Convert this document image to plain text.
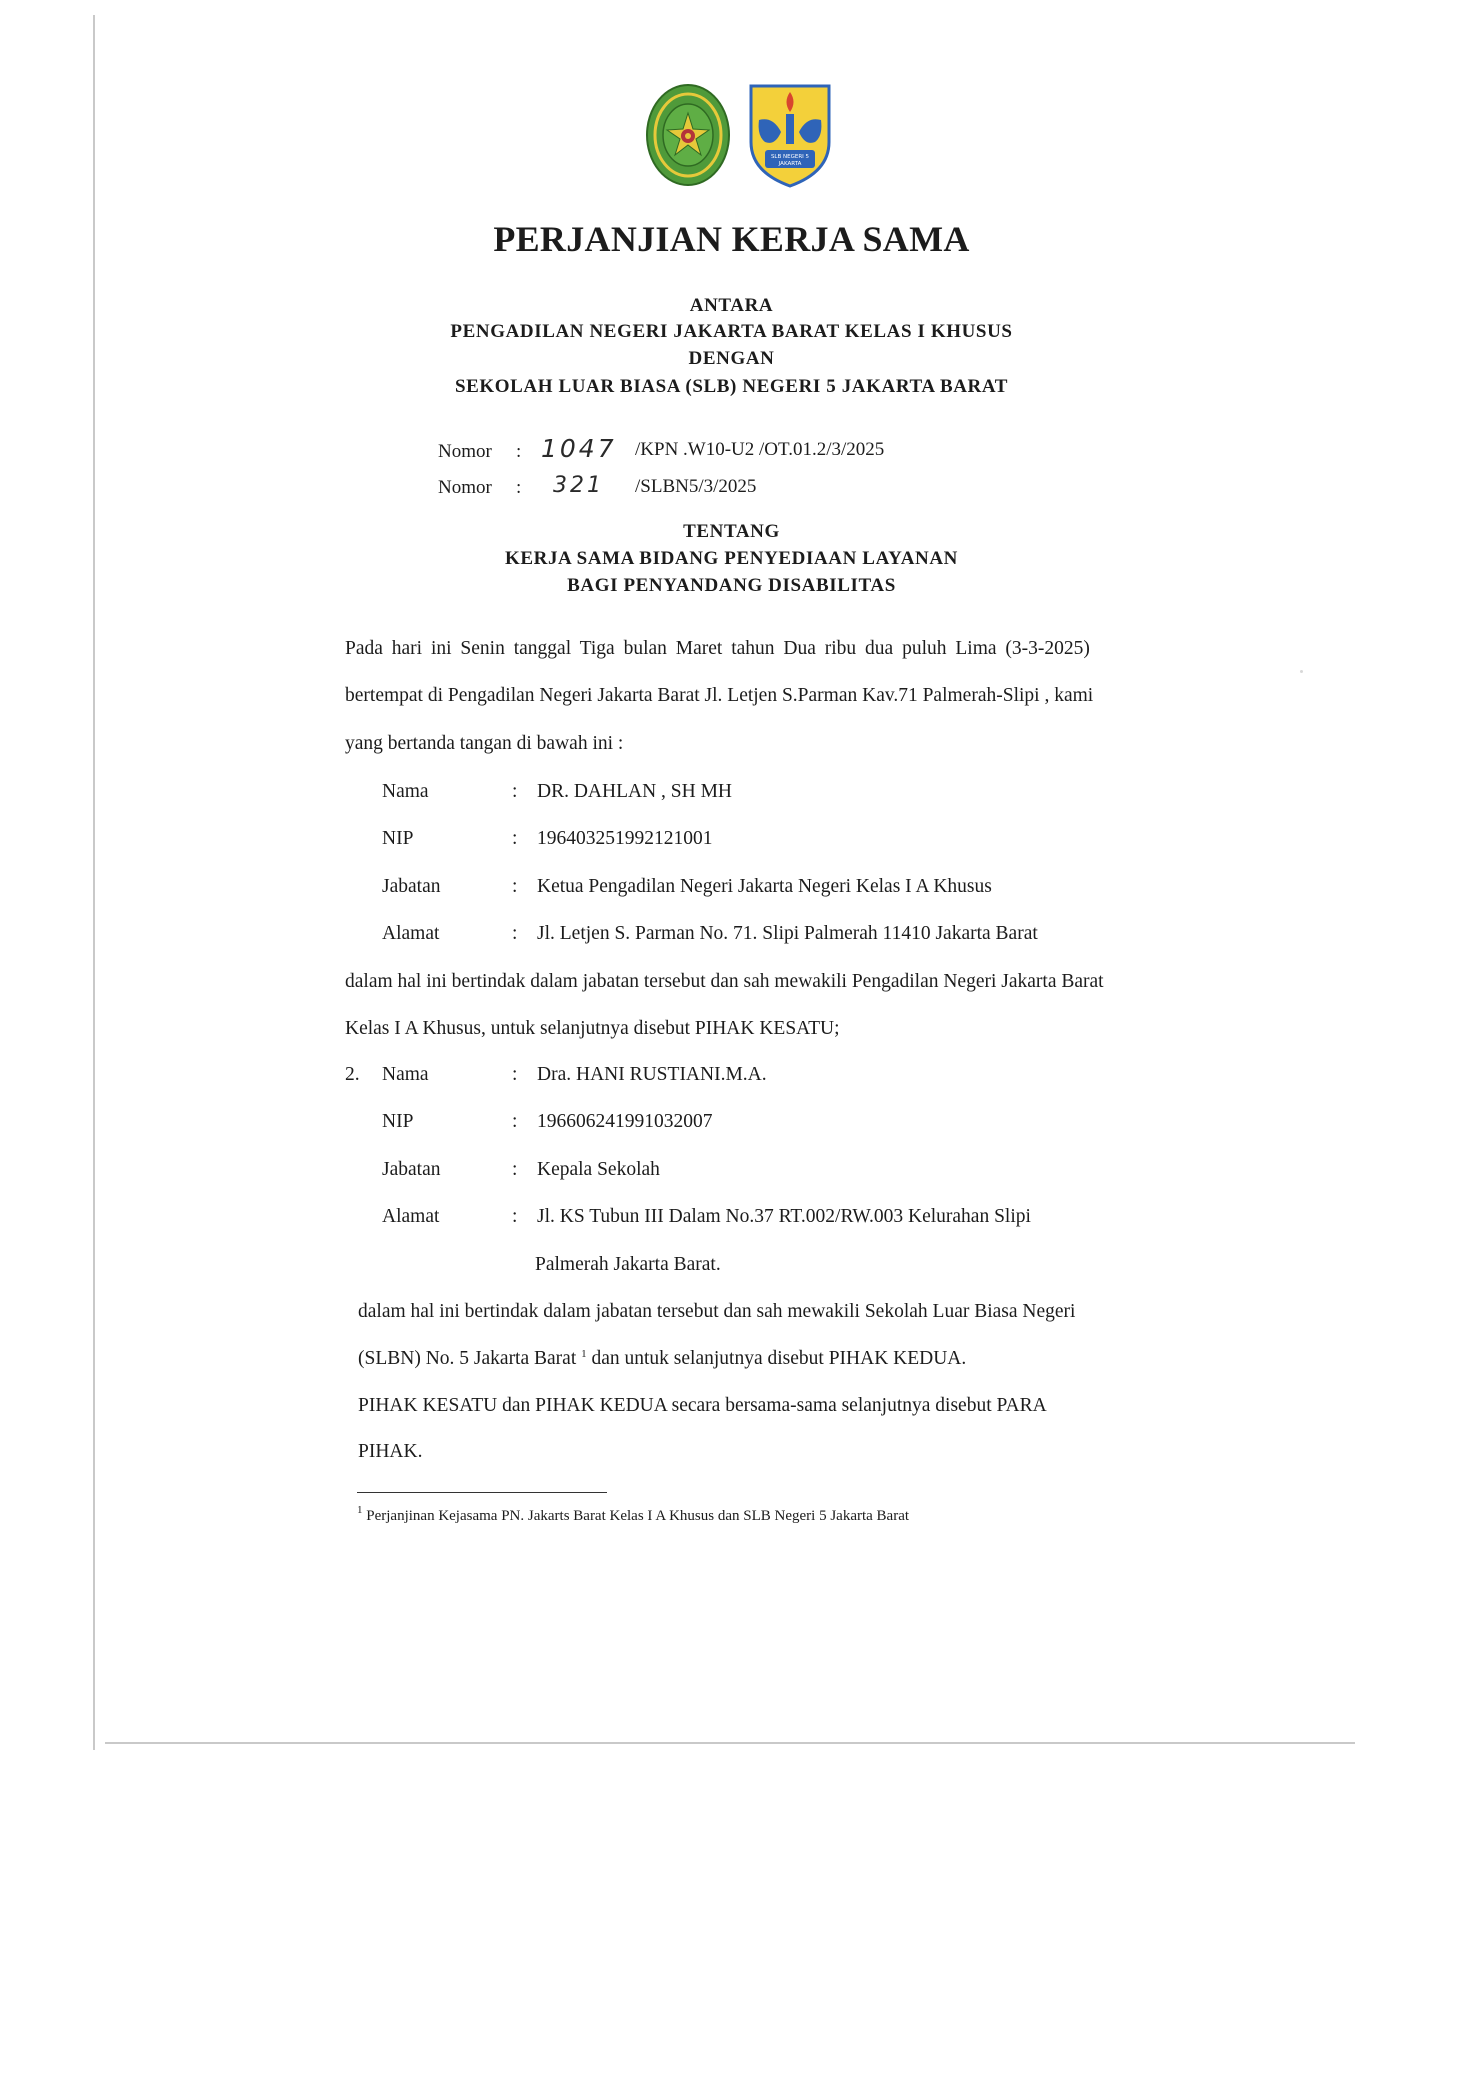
SLB NEGERI 5
JAKARTA
PERJANJIAN KERJA SAMA
ANTARA
PENGADILAN NEGERI JAKARTA BARAT KELAS I KHUSUS
DENGAN
SEKOLAH LUAR BIASA (SLB) NEGERI 5 JAKARTA BARAT
Nomor : 1047 /KPN .W10-U2 /OT.01.2/3/2025
Nomor : 321 /SLBN5/3/2025
TENTANG
KERJA SAMA BIDANG PENYEDIAAN LAYANAN
BAGI PENYANDANG DISABILITAS
Pada hari ini Senin tanggal Tiga bulan Maret tahun Dua ribu dua puluh Lima (3-3-2025)
bertempat di Pengadilan Negeri Jakarta Barat Jl. Letjen S.Parman Kav.71 Palmerah-Slipi , kami
yang bertanda tangan di bawah ini :
Nama	: DR. DAHLAN , SH MH
NIP	: 196403251992121001
Jabatan	: Ketua Pengadilan Negeri Jakarta Negeri Kelas I A Khusus
Alamat	: Jl. Letjen S. Parman No. 71. Slipi Palmerah 11410 Jakarta Barat
dalam hal ini bertindak dalam jabatan tersebut dan sah mewakili Pengadilan Negeri Jakarta Barat
Kelas I A Khusus, untuk selanjutnya disebut PIHAK KESATU;
2. Nama	: Dra. HANI RUSTIANI.M.A.
NIP	: 196606241991032007
Jabatan	: Kepala Sekolah
Alamat	: Jl. KS Tubun III Dalam No.37 RT.002/RW.003 Kelurahan Slipi
Palmerah Jakarta Barat.
dalam hal ini bertindak dalam jabatan tersebut dan sah mewakili Sekolah Luar Biasa Negeri
(SLBN) No. 5 Jakarta Barat $^1$ dan untuk selanjutnya disebut PIHAK KEDUA.
PIHAK KESATU dan PIHAK KEDUA secara bersama-sama selanjutnya disebut PARA
PIHAK.
$^1$ Perjanjinan Kejasama PN. Jakarts Barat Kelas I A Khusus dan SLB Negeri 5 Jakarta Barat
